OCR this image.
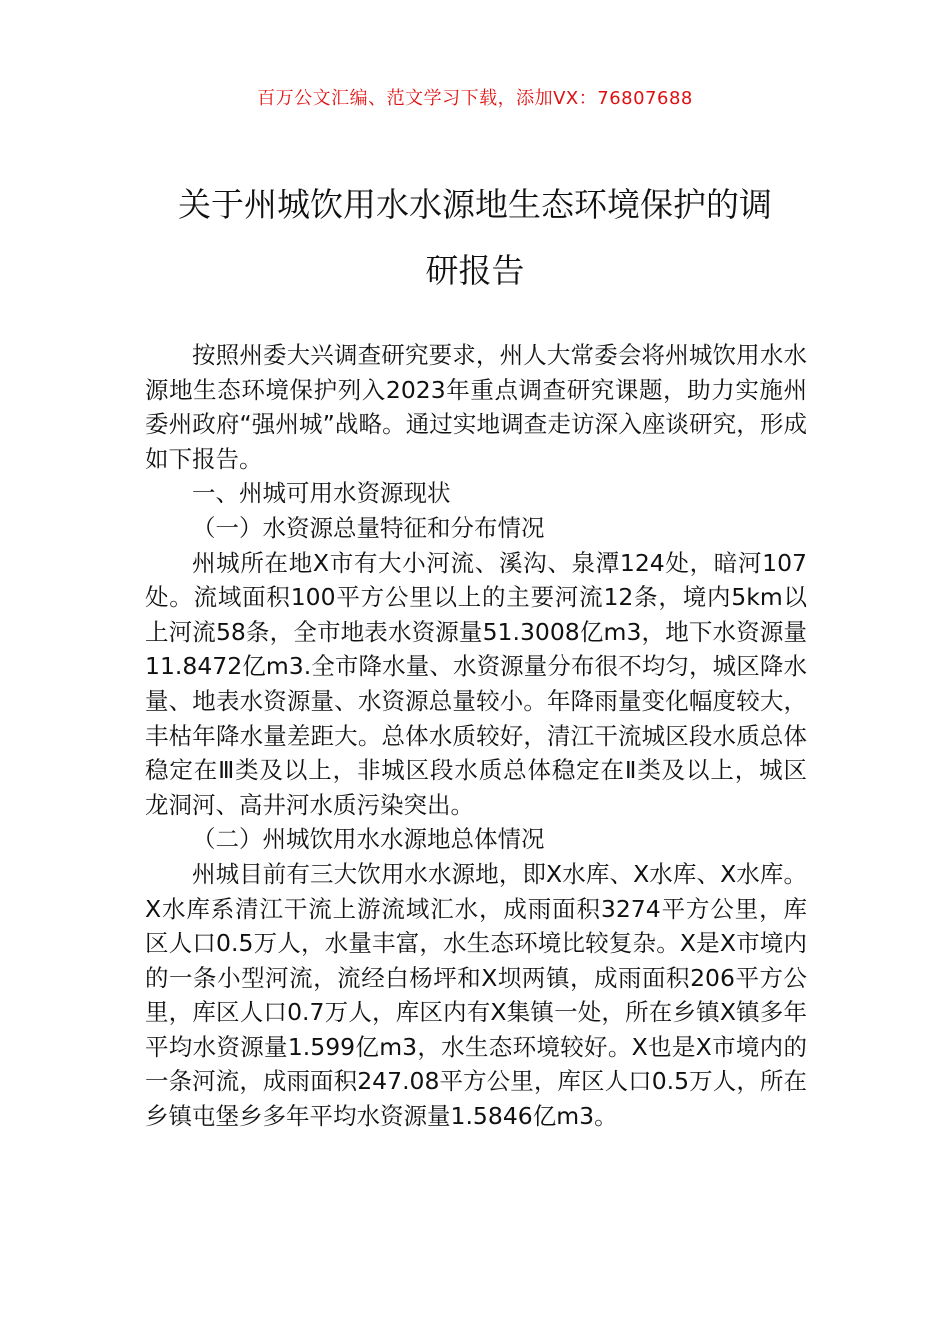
百万公文汇编、范文学习下载，添加VX：76807688
关于州城饮用水水源地生态环境保护的调
研报告

按照州委大兴调查研究要求，州人大常委会将州城饮用水水源地生态环境保护列入2023年重点调查研究课题，助力实施州委州政府“强州城”战略。通过实地调查走访深入座谈研究，形成如下报告。

一、州城可用水资源现状

（一）水资源总量特征和分布情况

州城所在地X市有大小河流、溪沟、泉潭124处，暗河107处。流域面积100平方公里以上的主要河流12条，境内5km以上河流58条，全市地表水资源量51.3008亿m3，地下水资源量11.8472亿m3.全市降水量、水资源量分布很不均匀，城区降水量、地表水资源量、水资源总量较小。年降雨量变化幅度较大，丰枯年降水量差距大。总体水质较好，清江干流城区段水质总体稳定在Ⅲ类及以上，非城区段水质总体稳定在Ⅱ类及以上，城区龙洞河、高井河水质污染突出。

（二）州城饮用水水源地总体情况

州城目前有三大饮用水水源地，即X水库、X水库、X水库。X水库系清江干流上游流域汇水，成雨面积3274平方公里，库区人口0.5万人，水量丰富，水生态环境比较复杂。X是X市境内的一条小型河流，流经白杨坪和X坝两镇，成雨面积206平方公里，库区人口0.7万人，库区内有X集镇一处，所在乡镇X镇多年平均水资源量1.599亿m3，水生态环境较好。X也是X市境内的一条河流，成雨面积247.08平方公里，库区人口0.5万人，所在乡镇屯堡乡多年平均水资源量1.5846亿m3。
